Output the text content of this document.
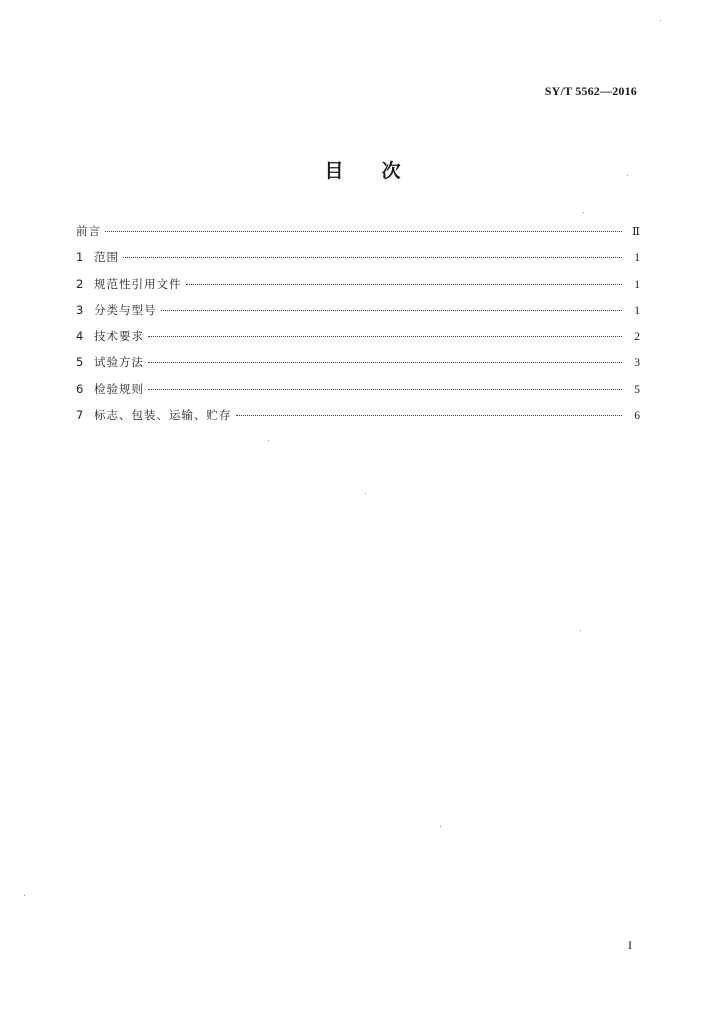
SY/T 5562—2016
目次
前言	Ⅱ
1 范围	1
2 规范性引用文件	1
3 分类与型号	1
4 技术要求	2
5 试验方法	3
6 检验规则	5
7 标志、包装、运输、贮存	6
I
